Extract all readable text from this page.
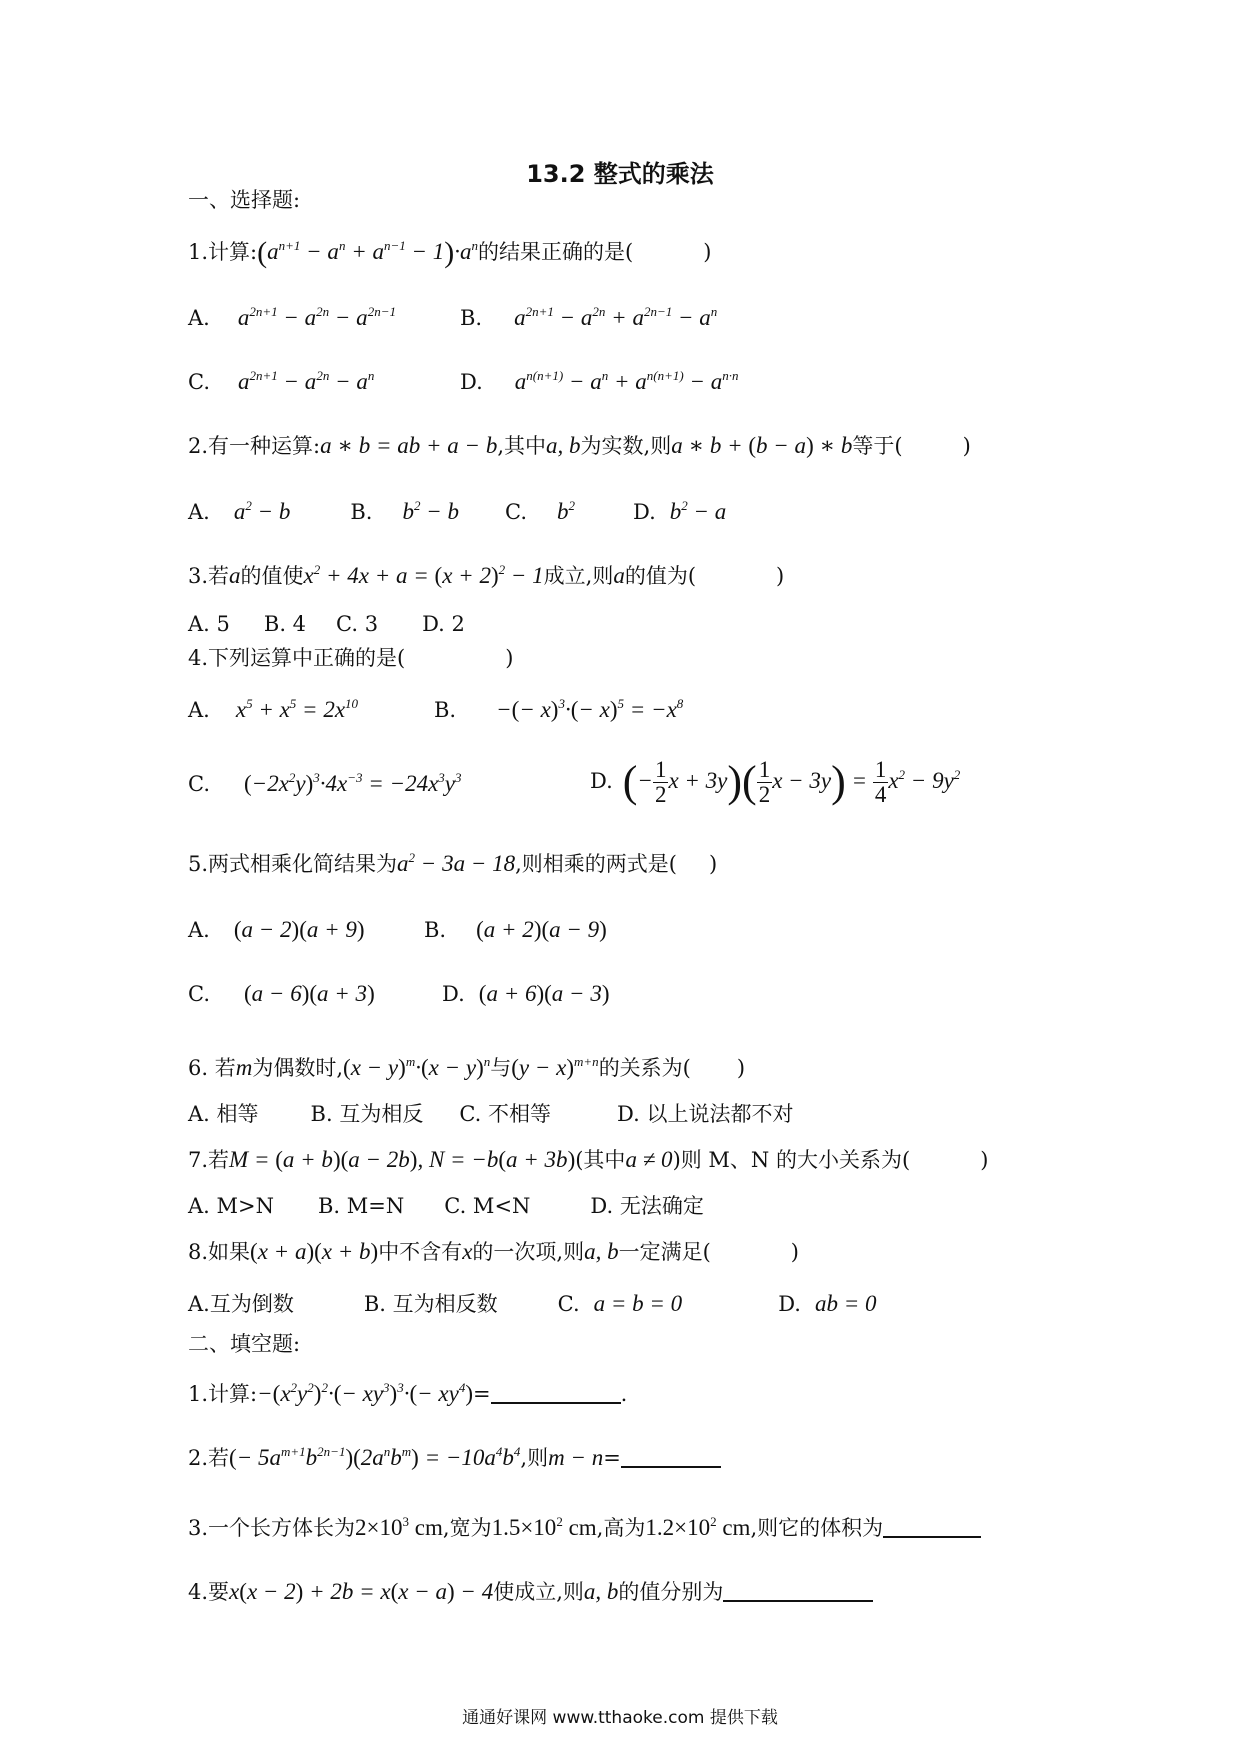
13.2 整式的乘法
一、选择题:
1.计算$:(a^{n+1} - a^n + a^{n-1} - 1)\cdot a^n$的结果正确的是(	)
A. $a^{2n+1} - a^{2n} - a^{2n-1}$	B. $a^{2n+1} - a^{2n} + a^{2n-1} - a^n$
C. $a^{2n+1} - a^{2n} - a^n$	D. $a^{n(n+1)} - a^n + a^{n(n+1)} - a^{n\cdot n}$
2.有一种运算:a ∗ b = ab + a − b,其中a, b为实数,则a ∗ b + (b − a) ∗ b等于(	)
A. $a^2 - b$	B. $b^2 - b$ C. $b^2$	D. $b^2 - a$
3.若a的值使$x^2 + 4x + a = (x + 2)^2 - 1$成立,则a的值为(	)
A. 5 B. 4 C. 3 D. 2
4.下列运算中正确的是(	)
A. $x^5 + x^5 = 2x^{10}$	B. −(− $x)^3\cdot(- x)^5 = -x^8$
C. $(-2x^2y)^3\cdot 4x^{-3} = -24x^3y^3$	D. (− $\frac{1}{2}$ $x + 3y)( \frac{1}{2}$ $x - 3y) = \frac{1}{4} x^2 - 9y^2$
5.两式相乘化简结果为$a^2 - 3a - 18$,则相乘的两式是( )
A. (a − 2)(a + 9)	B. (a + 2)(a − 9)
C. (a − 6)(a + 3)	D. (a + 6)(a − 3)
6. 若m为偶数时$,(x - y)^m\cdot(x - y)^n$与$(y - x)^{m+n}$的关系为( )
A. 相等 B. 互为相反 C. 不相等	D. 以上说法都不对
7.若M = (a + b)(a − 2b), N = −b(a + 3b)(其中a ≠ 0)则 M、N 的大小关系为(	)
A. M>N B. M=N C. M<N	D. 无法确定
8.如果(x + a)(x + b)中不含有x的一次项,则a, b一定满足(	)
A.互为倒数	B. 互为相反数	C. a = b = 0	D. ab = 0
二、填空题:
1.计算$:-(x^2y^2)^2\cdot(- xy^3)^3\cdot(- xy^4)=$	.
2.若(− $5a^{m+1}b^{2n-1})(2a^nb^m) = -10a^4b^4$,则m − n=
3.一个长方体长为$2\times 10^3$ cm,宽为$1.5\times 10^2$ cm,高为$1.2\times 10^2$ cm,则它的体积为
4.要x(x − 2) + 2b = x(x − a) − 4使成立,则a, b的值分别为
通通好课网 www.tthaoke.com 提供下载
